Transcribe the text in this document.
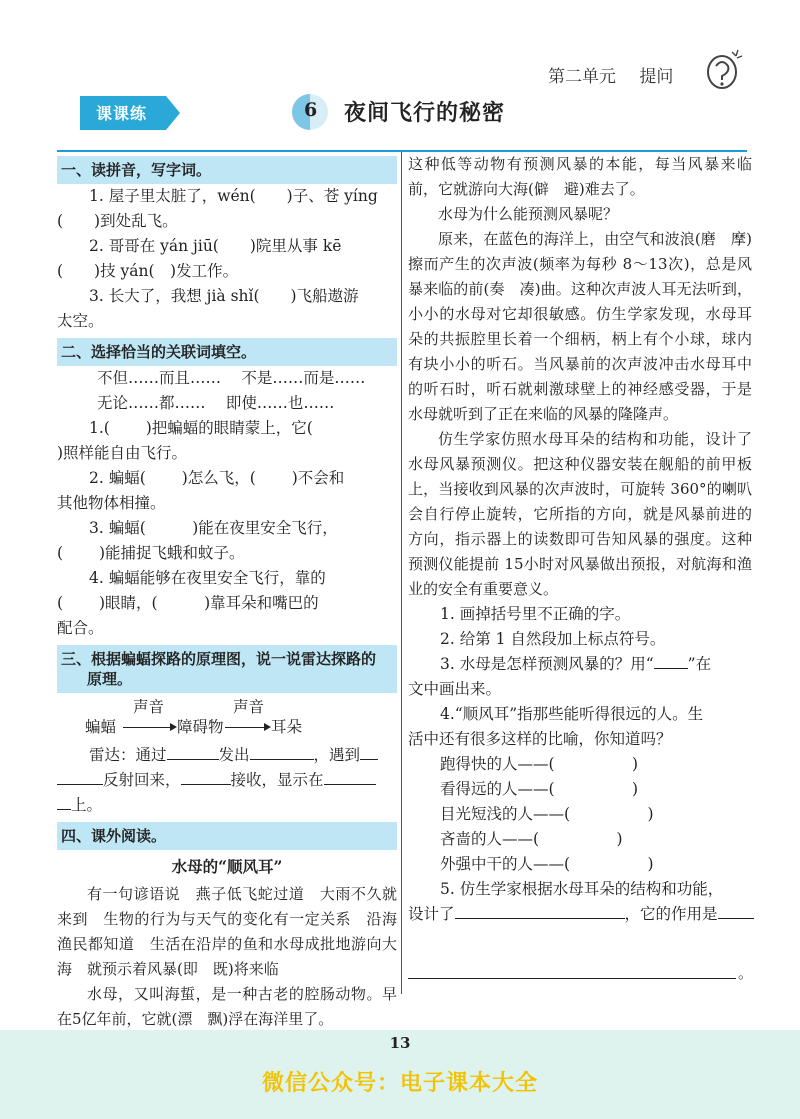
第二单元 提问
课课练	6 夜间飞行的秘密
一、读拼音，写字词。

1. 屋子里太脏了，wén(　　)子、苍 yíng

(　　)到处乱飞。

2. 哥哥在 yán jiū(　　)院里从事 kē

(　　)技 yán(　)发工作。

3. 长大了，我想 jià shǐ(　　)飞船遨游

太空。

二、选择恰当的关联词填空。

不但……而且……　 不是……而是……

无论……都……　 即使……也……

1.(　　 )把蝙蝠的眼睛蒙上，它(　

)照样能自由飞行。

2. 蝙蝠(　　 )怎么飞，(　　 )不会和

其他物体相撞。

3. 蝙蝠(　　　)能在夜里安全飞行，

(　　 )能捕捉飞蛾和蚊子。

4. 蝙蝠能够在夜里安全飞行，靠的

(　　 )眼睛，(　　　)靠耳朵和嘴巴的

配合。

三、根据蝙蝠探路的原理图，说一说雷达探路的
原理。
蝙蝠
声音
障碍物
声音
耳朵

雷达：通过	发出	，遇到

反射回来，	接收，显示在

上。

四、课外阅读。

水母的“顺风耳”

有一句谚语说　燕子低飞蛇过道　大雨不久就来到　生物的行为与天气的变化有一定关系　沿海渔民都知道　生活在沿岸的鱼和水母成批地游向大海　就预示着风暴(即　既)将来临

水母，又叫海蜇，是一种古老的腔肠动物。早在5亿年前，它就(漂　飘)浮在海洋里了。

这种低等动物有预测风暴的本能，每当风暴来临前，它就游向大海(僻　避)难去了。

水母为什么能预测风暴呢？

原来，在蓝色的海洋上，由空气和波浪(磨　摩)擦而产生的次声波(频率为每秒 8～13次)，总是风暴来临的前(奏　凑)曲。这种次声波人耳无法听到，小小的水母对它却很敏感。仿生学家发现，水母耳朵的共振腔里长着一个细柄，柄上有个小球，球内有块小小的听石。当风暴前的次声波冲击水母耳中的听石时，听石就刺激球壁上的神经感受器，于是水母就听到了正在来临的风暴的隆隆声。

仿生学家仿照水母耳朵的结构和功能，设计了水母风暴预测仪。把这种仪器安装在舰船的前甲板上，当接收到风暴的次声波时，可旋转 360°的喇叭会自行停止旋转，它所指的方向，就是风暴前进的方向，指示器上的读数即可告知风暴的强度。这种预测仪能提前 15小时对风暴做出预报，对航海和渔业的安全有重要意义。

1. 画掉括号里不正确的字。

2. 给第 1 自然段加上标点符号。

3. 水母是怎样预测风暴的？用“ ”在

文中画出来。

4.“顺风耳”指那些能听得很远的人。生

活中还有很多这样的比喻，你知道吗？

跑得快的人——(　　　　　)

看得远的人——(　　　　　)

目光短浅的人——(　　　　　)

吝啬的人——(　　　　　)

外强中干的人——(　　　　　)

5. 仿生学家根据水母耳朵的结构和功能，

设计了	，它的作用是

。
13
微信公众号：电子课本大全
